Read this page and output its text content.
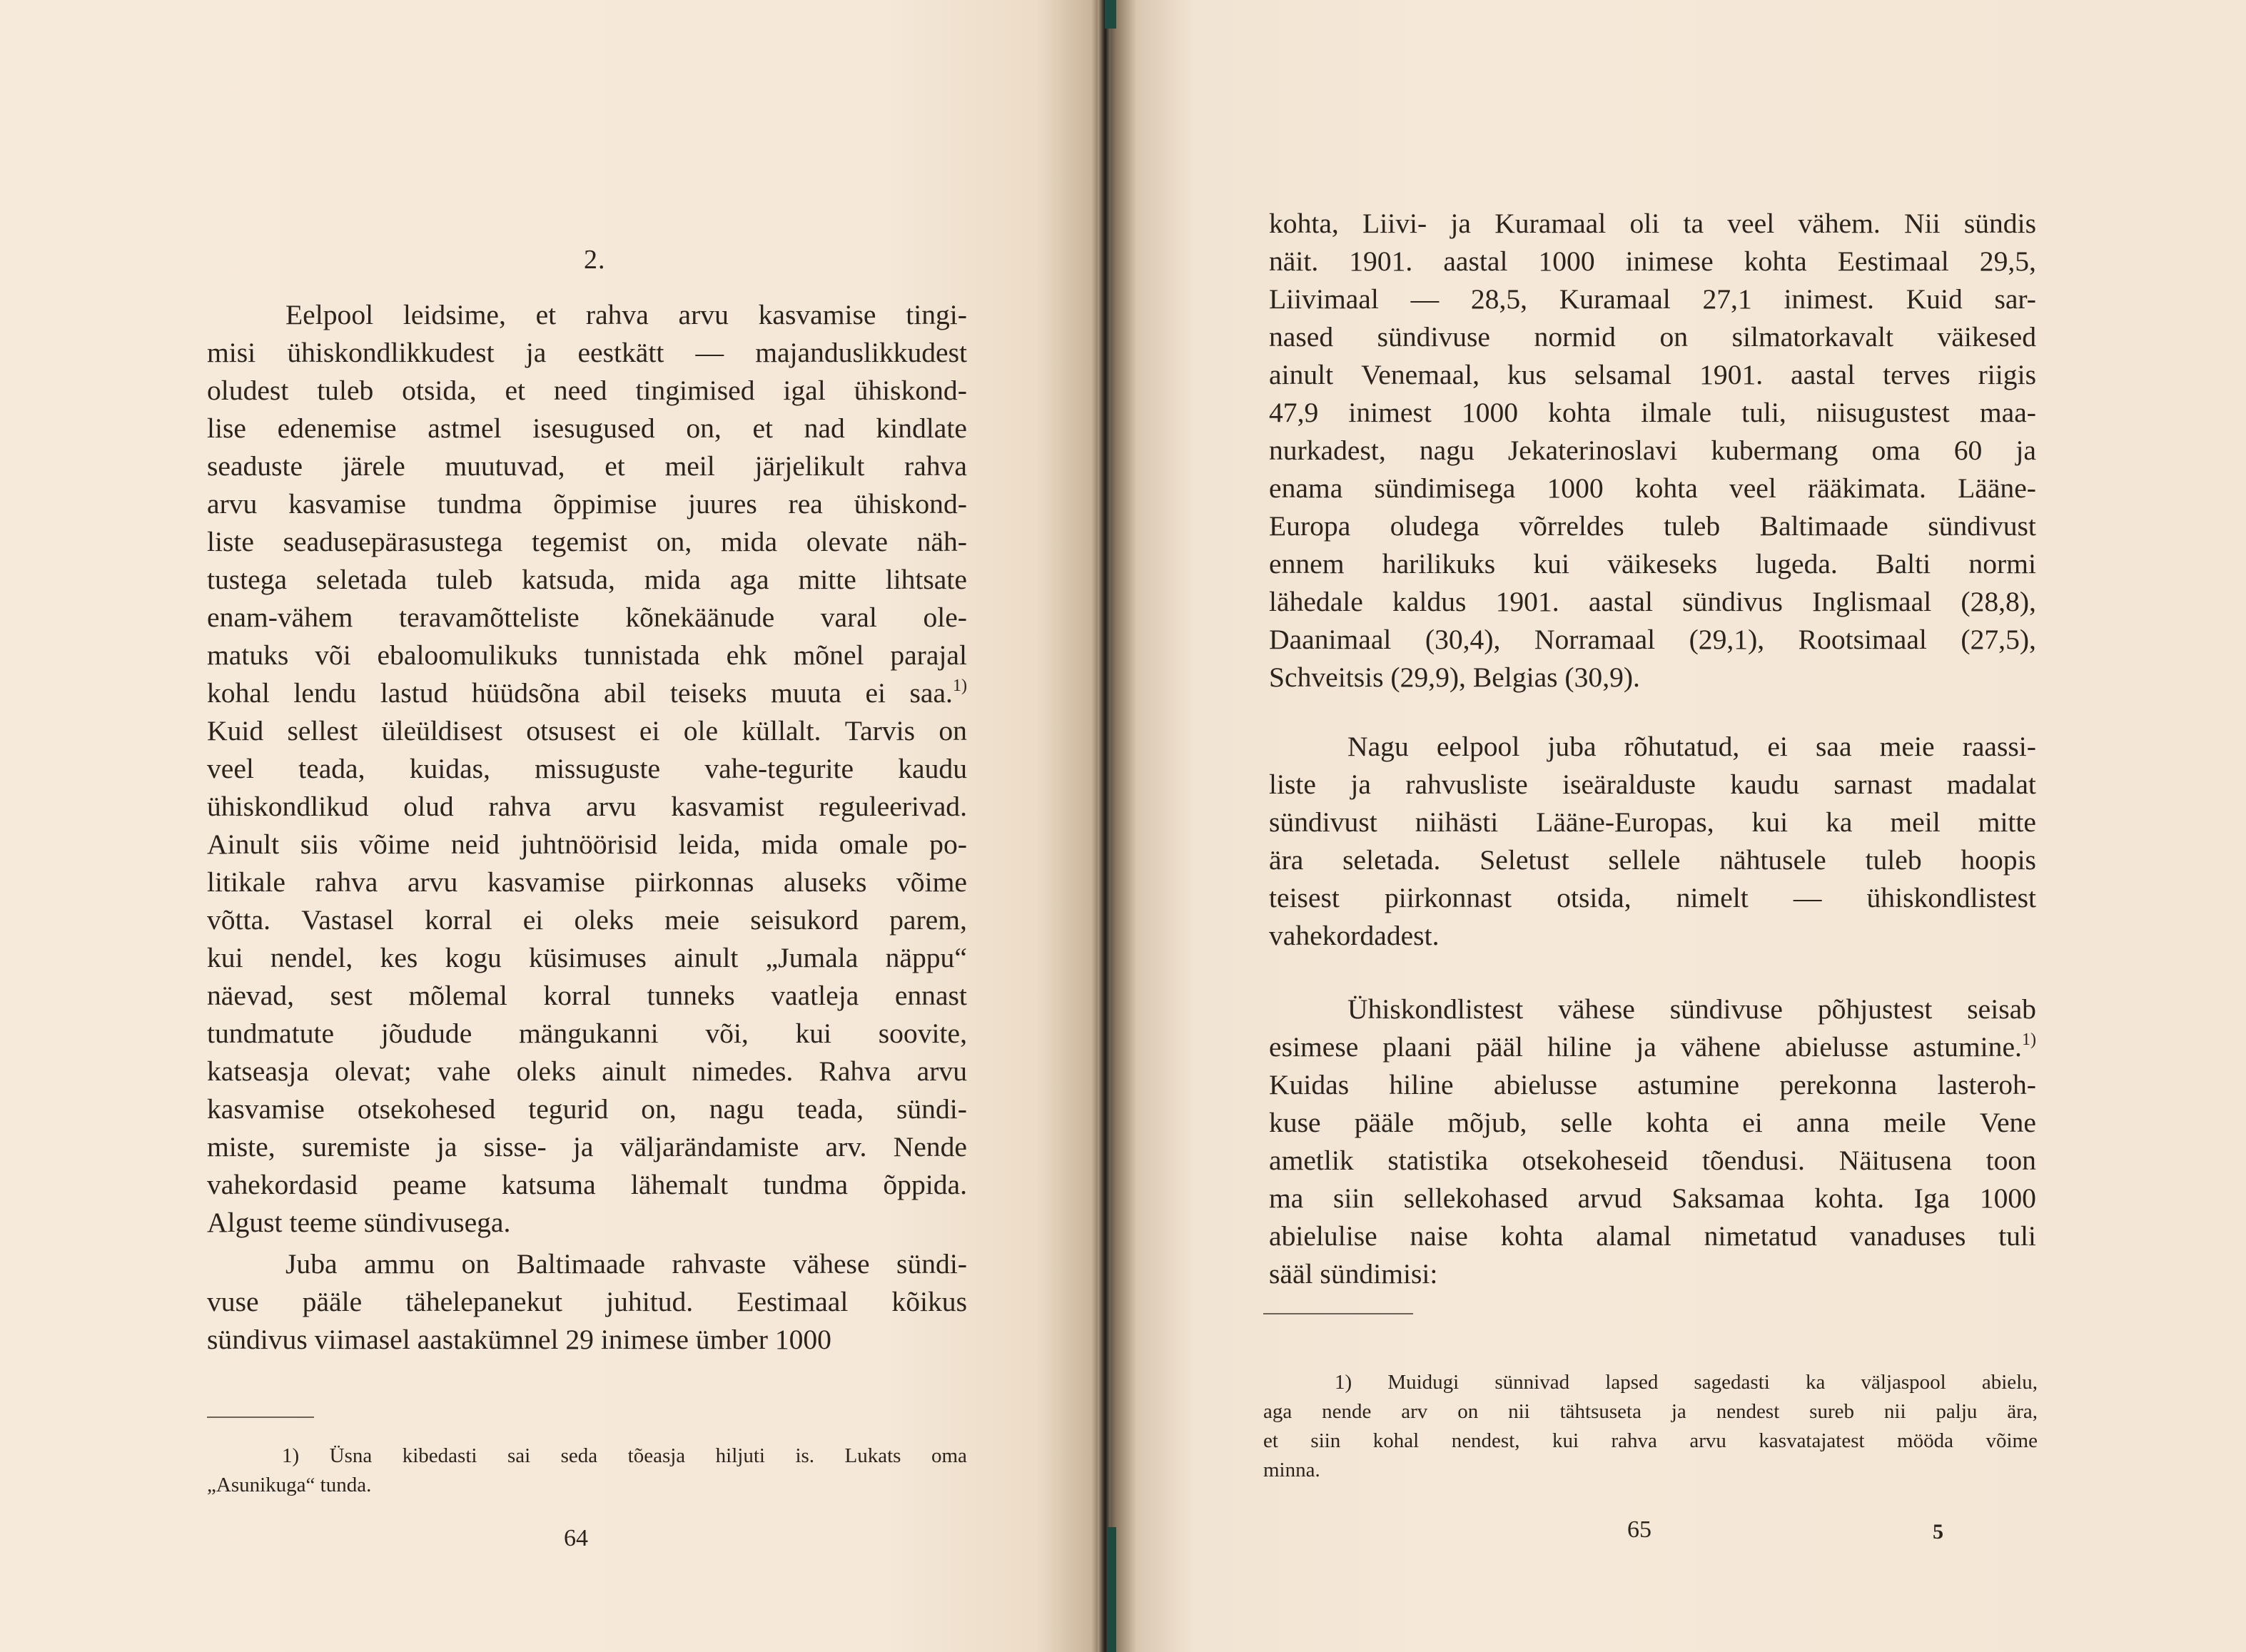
2.
Eelpool leidsime, et rahva arvu kasvamise tingi-
misi ühiskondlikkudest ja eestkätt — majanduslikkudest
oludest tuleb otsida, et need tingimised igal ühiskond-
lise edenemise astmel isesugused on, et nad kindlate
seaduste järele muutuvad, et meil järjelikult rahva
arvu kasvamise tundma õppimise juures rea ühiskond-
liste seadusepärasustega tegemist on, mida olevate näh-
tustega seletada tuleb katsuda, mida aga mitte lihtsate
enam-vähem teravamõtteliste kõnekäänude varal ole-
matuks või ebaloomulikuks tunnistada ehk mõnel parajal
kohal lendu lastud hüüdsõna abil teiseks muuta ei saa.$^{1)}$
Kuid sellest üleüldisest otsusest ei ole küllalt. Tarvis on
veel teada, kuidas, missuguste vahe-tegurite kaudu
ühiskondlikud olud rahva arvu kasvamist reguleerivad.
Ainult siis võime neid juhtnöörisid leida, mida omale po-
litikale rahva arvu kasvamise piirkonnas aluseks võime
võtta. Vastasel korral ei oleks meie seisukord parem,
kui nendel, kes kogu küsimuses ainult „Jumala näppu“
näevad, sest mõlemal korral tunneks vaatleja ennast
tundmatute jõudude mängukanni või, kui soovite,
katseasja olevat; vahe oleks ainult nimedes. Rahva arvu
kasvamise otsekohesed tegurid on, nagu teada, sündi-
miste, suremiste ja sisse- ja väljarändamiste arv. Nende
vahekordasid peame katsuma lähemalt tundma õppida.
Algust teeme sündivusega.
Juba ammu on Baltimaade rahvaste vähese sündi-
vuse pääle tähelepanekut juhitud. Eestimaal kõikus
sündivus viimasel aastakümnel 29 inimese ümber 1000
1) Üsna kibedasti sai seda tõeasja hiljuti is. Lukats oma
„Asunikuga“ tunda.
64
kohta, Liivi- ja Kuramaal oli ta veel vähem. Nii sündis
näit. 1901. aastal 1000 inimese kohta Eestimaal 29,5,
Liivimaal — 28,5, Kuramaal 27,1 inimest. Kuid sar-
nased sündivuse normid on silmatorkavalt väikesed
ainult Venemaal, kus selsamal 1901. aastal terves riigis
47,9 inimest 1000 kohta ilmale tuli, niisugustest maa-
nurkadest, nagu Jekaterinoslavi kubermang oma 60 ja
enama sündimisega 1000 kohta veel rääkimata. Lääne-
Europa oludega võrreldes tuleb Baltimaade sündivust
ennem harilikuks kui väikeseks lugeda. Balti normi
lähedale kaldus 1901. aastal sündivus Inglismaal (28,8),
Daanimaal (30,4), Norramaal (29,1), Rootsimaal (27,5),
Schveitsis (29,9), Belgias (30,9).
Nagu eelpool juba rõhutatud, ei saa meie raassi-
liste ja rahvusliste iseäralduste kaudu sarnast madalat
sündivust niihästi Lääne-Europas, kui ka meil mitte
ära seletada. Seletust sellele nähtusele tuleb hoopis
teisest piirkonnast otsida, nimelt — ühiskondlistest
vahekordadest.
Ühiskondlistest vähese sündivuse põhjustest seisab
esimese plaani pääl hiline ja vähene abielusse astumine.$^{1)}$
Kuidas hiline abielusse astumine perekonna lasteroh-
kuse pääle mõjub, selle kohta ei anna meile Vene
ametlik statistika otsekoheseid tõendusi. Näitusena toon
ma siin sellekohased arvud Saksamaa kohta. Iga 1000
abielulise naise kohta alamal nimetatud vanaduses tuli
sääl sündimisi:
1) Muidugi sünnivad lapsed sagedasti ka väljaspool abielu,
aga nende arv on nii tähtsuseta ja nendest sureb nii palju ära,
et siin kohal nendest, kui rahva arvu kasvatajatest mööda võime
minna.
65	5
